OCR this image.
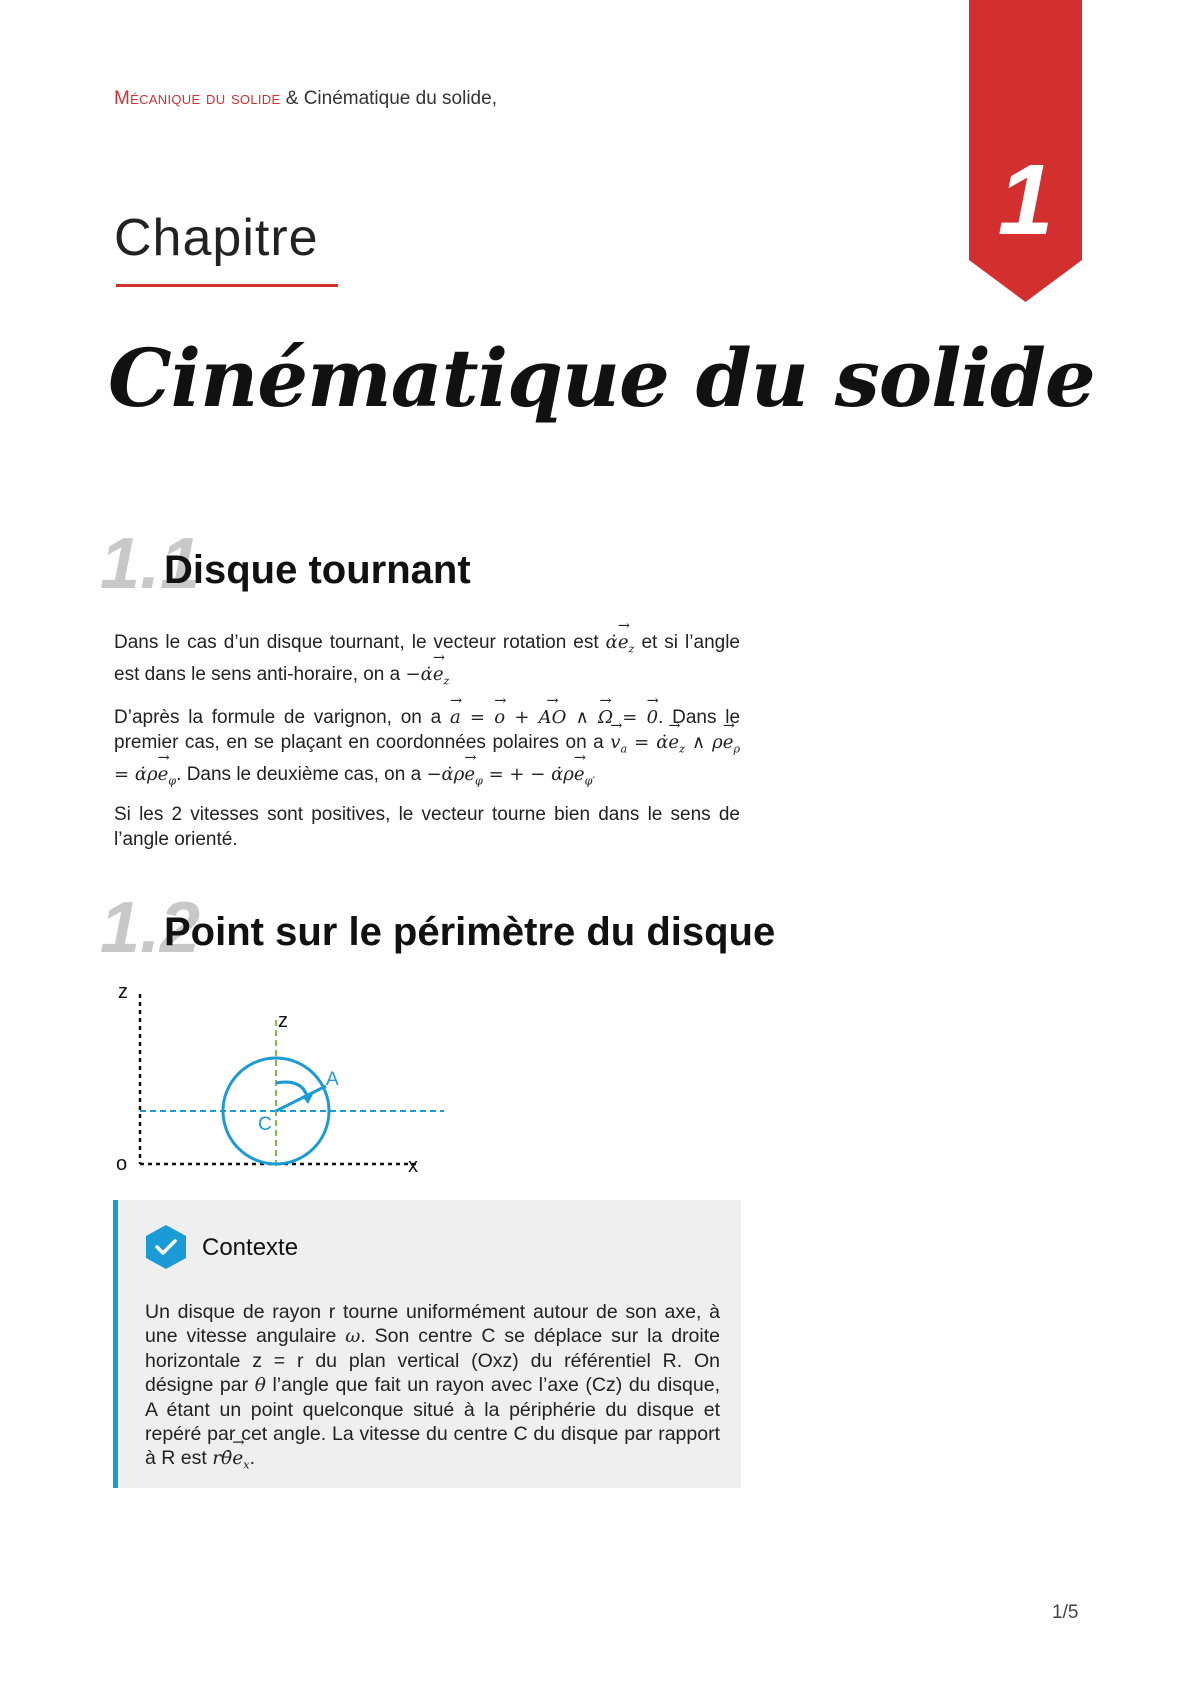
Mécanique du solide & Cinématique du solide,
1
Chapitre
Cinématique du solide
1.1
Disque tournant
Dans le cas d’un disque tournant, le vecteur rotation est α̇→ $e_z$ et si l’angle est dans le sens anti-horaire, on a −α̇→ $e_z$
D’après la formule de varignon, on a → a = → o + → AO ∧ → Ω = → 0. Dans le premier cas, en se plaçant en coordonnées polaires on $a \to v_a$ = α̇→ $e_z$ ∧ $\rho\to e_\rho$ = α̇ρ→ $e_\varphi$. Dans le deuxième cas, on a −α̇ρ→ $e_\varphi$ = + − α̇ρ→ $e_{\varphi'}$
Si les 2 vitesses sont positives, le vecteur tourne bien dans le sens de l’angle orienté.
1.2
Point sur le périmètre du disque
z
z
o	x
A
C
Contexte
Un disque de rayon r tourne uniformément autour de son axe, à une vitesse angulaire ω. Son centre C se déplace sur la droite horizontale z = r du plan vertical (Oxz) du référentiel R. On désigne par θ l’angle que fait un rayon avec l’axe (Cz) du disque, A étant un point quelconque situé à la périphérie du disque et repéré par cet angle. La vitesse du centre C du disque par rapport à R est rθ̇→ $e_x$.
1/5
